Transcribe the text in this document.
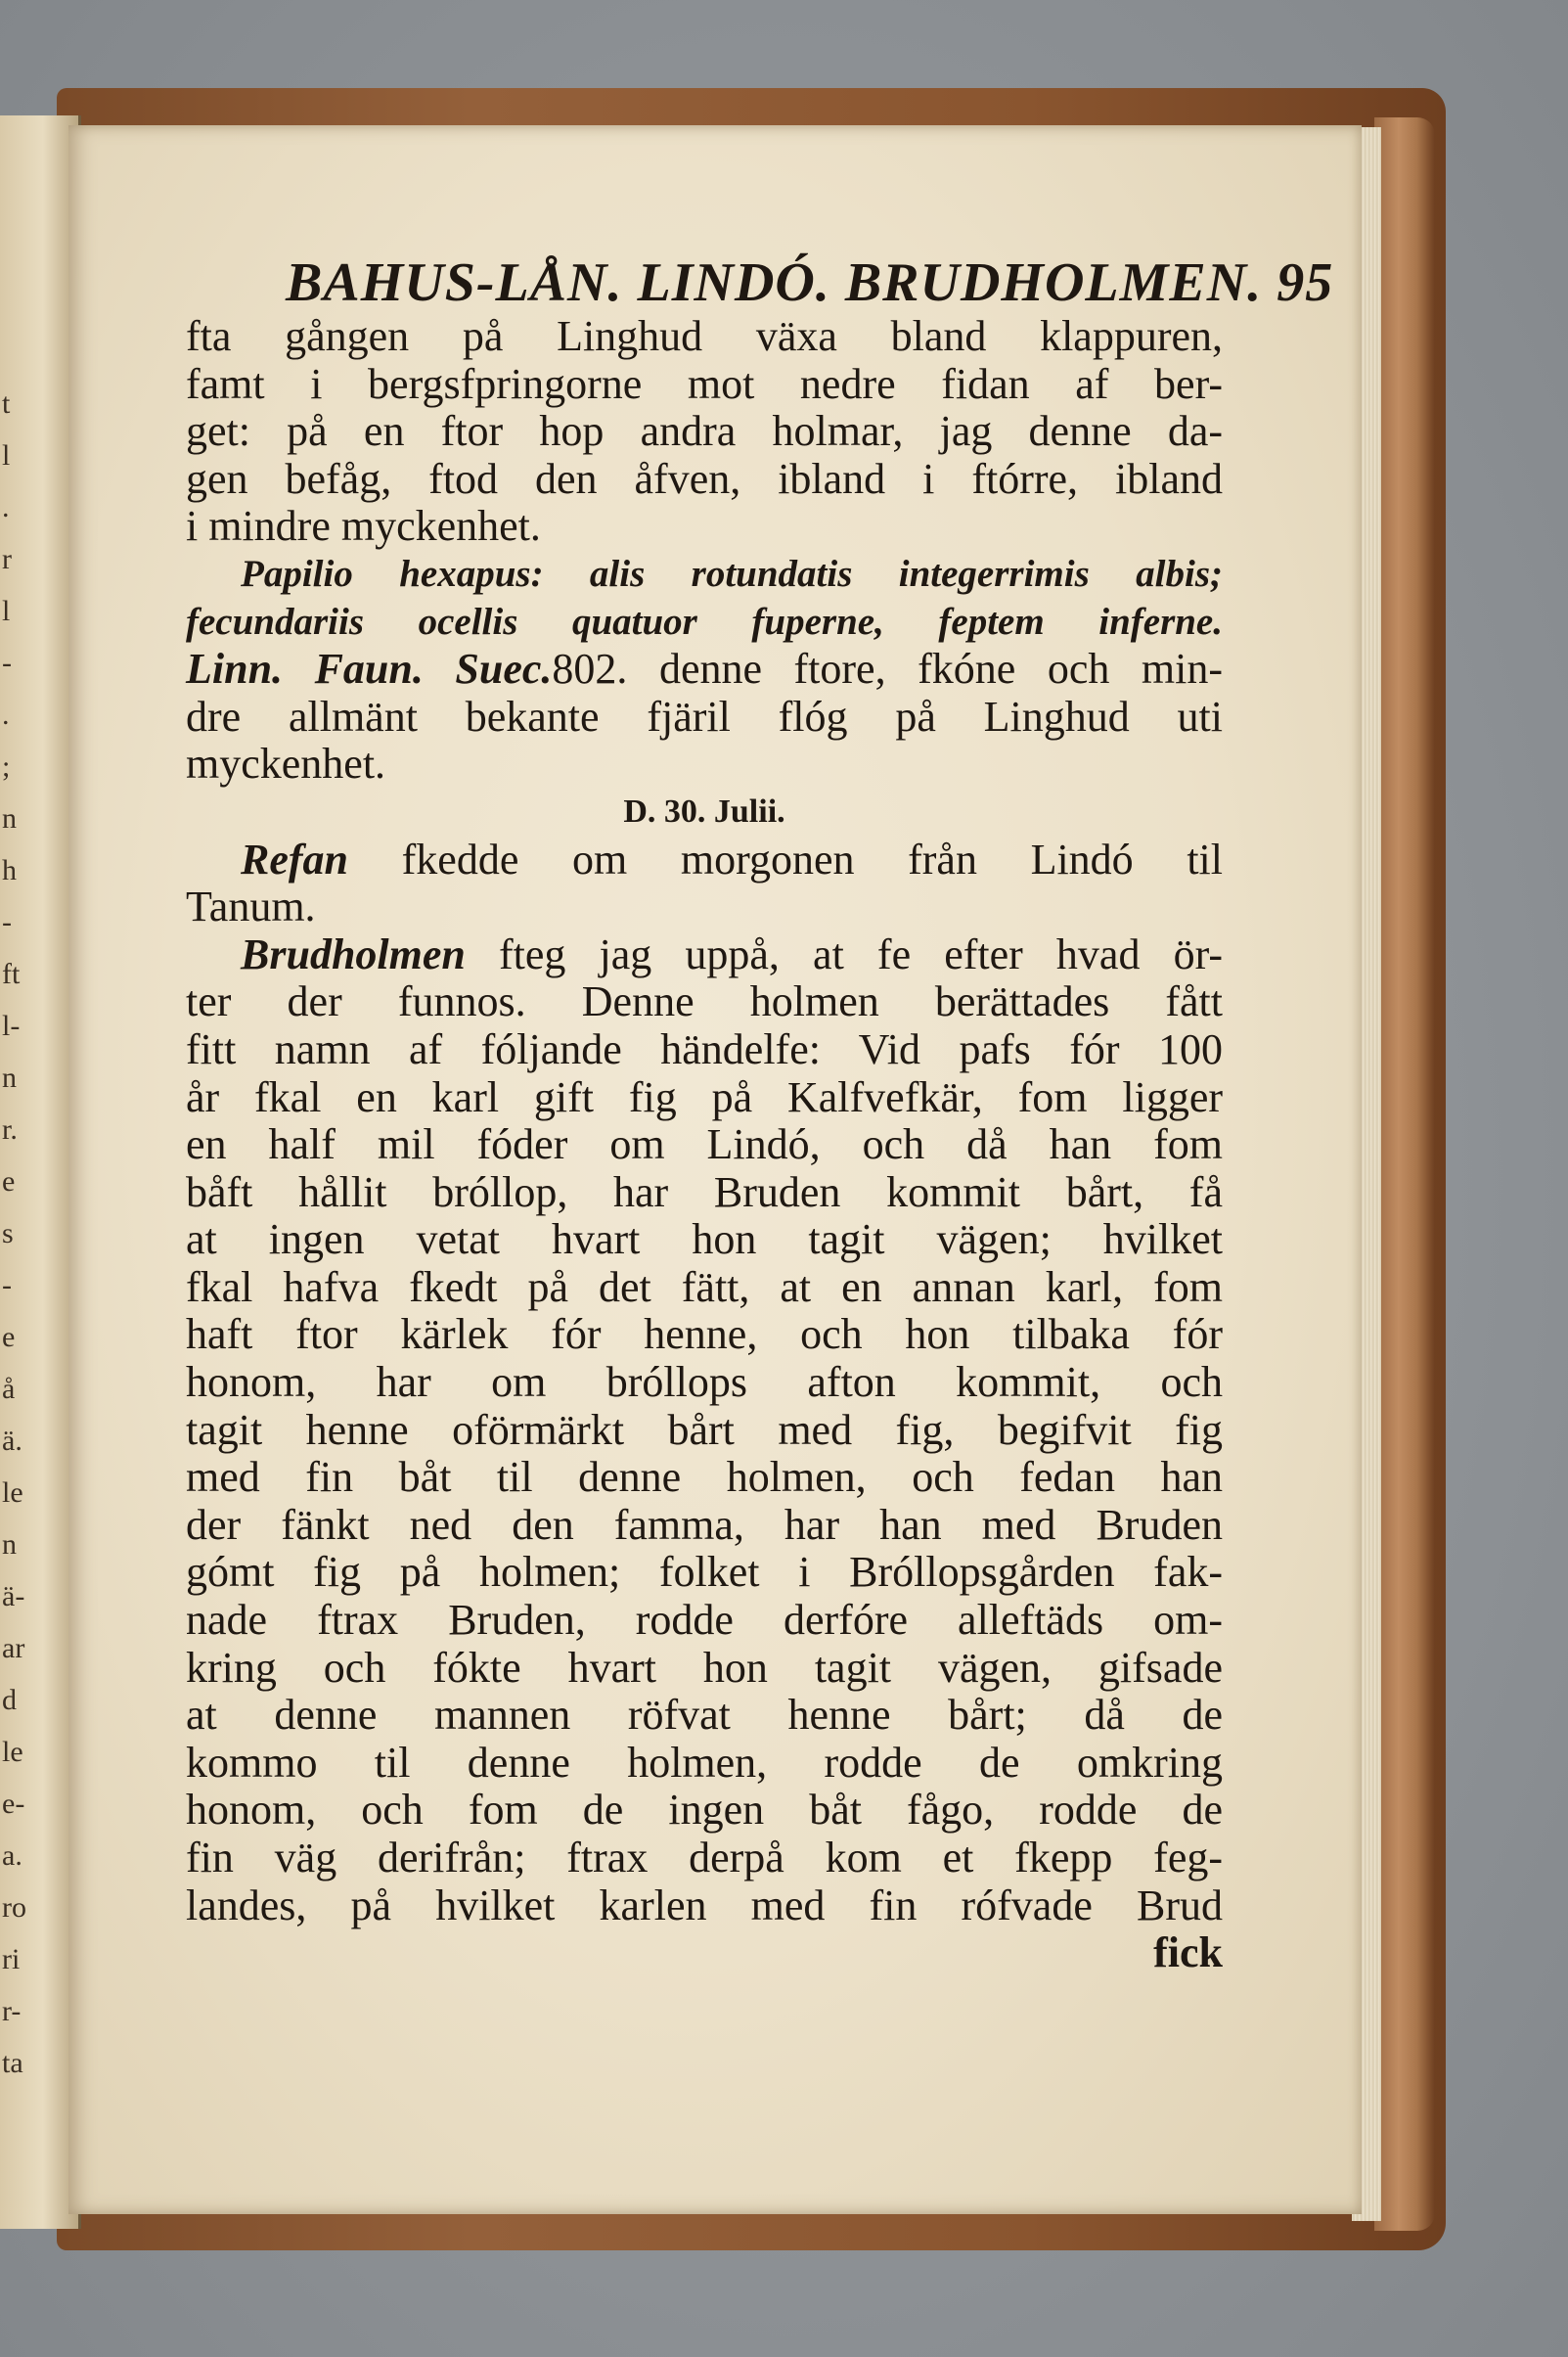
t
l
.
r
l
-
.
;
n
h
-
ft
l-
n
r.
e
s
-
e
å
ä.
le
n
ä-
ar
d
le
e-
a.
ro
ri
r-
ta
BAHUS-LÅN. LINDÓ. BRUDHOLMEN. 95
fta gången på Linghud växa bland klappuren,
famt i bergsfpringorne mot nedre fidan af ber-
get: på en ftor hop andra holmar, jag denne da-
gen befåg, ftod den åfven, ibland i ftórre, ibland
i mindre myckenhet.
Papilio hexapus: alis rotundatis integerrimis albis;
fecundariis ocellis quatuor fuperne, feptem inferne.
Linn. Faun. Suec.802. denne ftore, fkóne och min-
dre allmänt bekante fjäril flóg på Linghud uti
myckenhet.
D. 30. Julii.
Refan fkedde om morgonen från Lindó til
Tanum.
Brudholmen fteg jag uppå, at fe efter hvad ör-
ter der funnos. Denne holmen berättades fått
fitt namn af fóljande händelfe: Vid pafs fór 100
år fkal en karl gift fig på Kalfvefkär, fom ligger
en half mil fóder om Lindó, och då han fom
båft hållit bróllop, har Bruden kommit bårt, få
at ingen vetat hvart hon tagit vägen; hvilket
fkal hafva fkedt på det fätt, at en annan karl, fom
haft ftor kärlek fór henne, och hon tilbaka fór
honom, har om bróllops afton kommit, och
tagit henne oförmärkt bårt med fig, begifvit fig
med fin båt til denne holmen, och fedan han
der fänkt ned den famma, har han med Bruden
gómt fig på holmen; folket i Bróllopsgården fak-
nade ftrax Bruden, rodde derfóre alleftäds om-
kring och fókte hvart hon tagit vägen, gifsade
at denne mannen röfvat henne bårt; då de
kommo til denne holmen, rodde de omkring
honom, och fom de ingen båt fågo, rodde de
fin väg derifrån; ftrax derpå kom et fkepp feg-
landes, på hvilket karlen med fin rófvade Brud
fick
